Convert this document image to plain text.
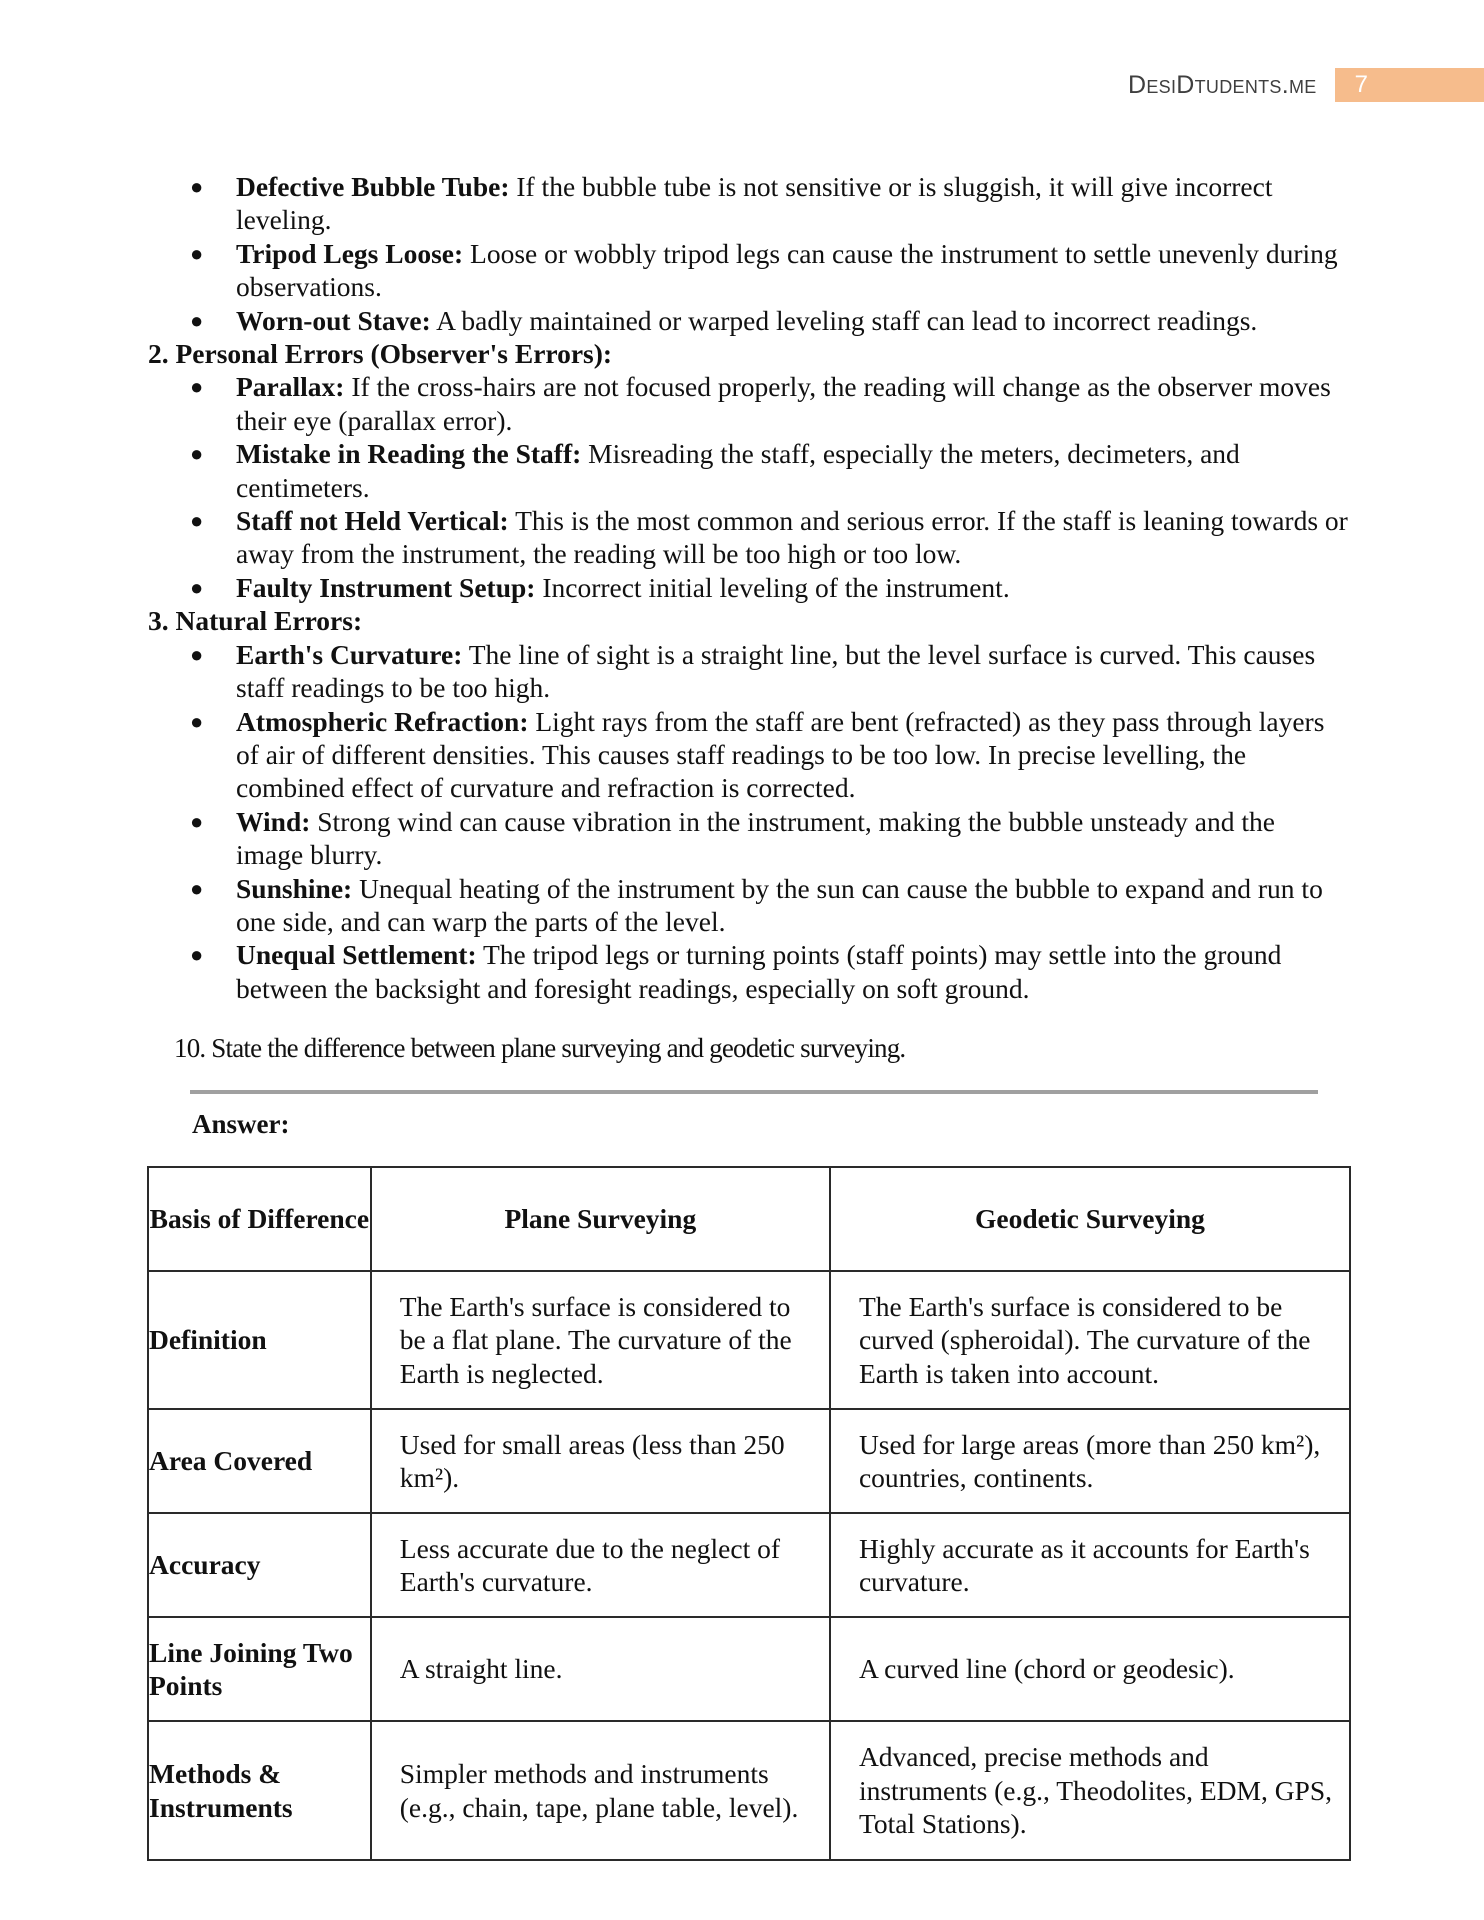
DesiDtudents.me	7
● Defective Bubble Tube: If the bubble tube is not sensitive or is sluggish, it will give incorrect leveling.
● Tripod Legs Loose: Loose or wobbly tripod legs can cause the instrument to settle unevenly during observations.
● Worn-out Stave: A badly maintained or warped leveling staff can lead to incorrect readings.
2. Personal Errors (Observer's Errors):
● Parallax: If the cross-hairs are not focused properly, the reading will change as the observer moves their eye (parallax error).
● Mistake in Reading the Staff: Misreading the staff, especially the meters, decimeters, and centimeters.
● Staff not Held Vertical: This is the most common and serious error. If the staff is leaning towards or away from the instrument, the reading will be too high or too low.
● Faulty Instrument Setup: Incorrect initial leveling of the instrument.
3. Natural Errors:
● Earth's Curvature: The line of sight is a straight line, but the level surface is curved. This causes staff readings to be too high.
● Atmospheric Refraction: Light rays from the staff are bent (refracted) as they pass through layers of air of different densities. This causes staff readings to be too low. In precise levelling, the combined effect of curvature and refraction is corrected.
● Wind: Strong wind can cause vibration in the instrument, making the bubble unsteady and the image blurry.
● Sunshine: Unequal heating of the instrument by the sun can cause the bubble to expand and run to one side, and can warp the parts of the level.
● Unequal Settlement: The tripod legs or turning points (staff points) may settle into the ground between the backsight and foresight readings, especially on soft ground.
10. State the difference between plane surveying and geodetic surveying.
Answer:
Basis of Difference	Plane Surveying	Geodetic Surveying
Definition	The Earth's surface is considered to be a flat plane. The curvature of the Earth is neglected.	The Earth's surface is considered to be curved (spheroidal). The curvature of the Earth is taken into account.
Area Covered	Used for small areas (less than 250 km²).	Used for large areas (more than 250 km²), countries, continents.
Accuracy	Less accurate due to the neglect of Earth's curvature.	Highly accurate as it accounts for Earth's curvature.
Line Joining Two Points	A straight line.	A curved line (chord or geodesic).
Methods & Instruments	Simpler methods and instruments (e.g., chain, tape, plane table, level).	Advanced, precise methods and instruments (e.g., Theodolites, EDM, GPS, Total Stations).
